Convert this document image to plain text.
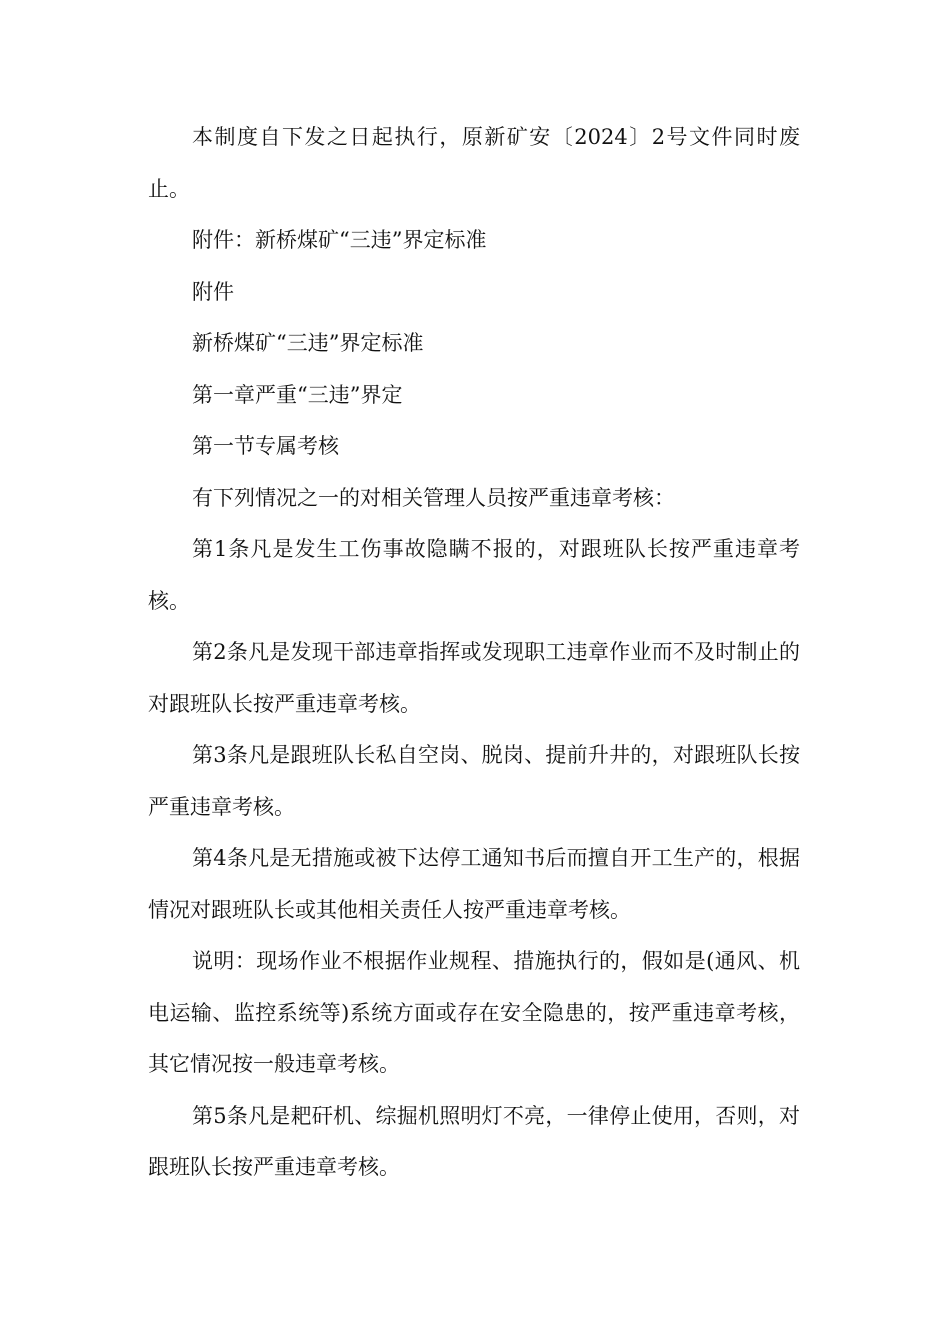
本制度自下发之日起执行，原新矿安〔2024〕2号文件同时废止。

附件：新桥煤矿“三违”界定标准

附件

新桥煤矿“三违”界定标准

第一章严重“三违”界定

第一节专属考核

有下列情况之一的对相关管理人员按严重违章考核：

第1条凡是发生工伤事故隐瞒不报的，对跟班队长按严重违章考核。

第2条凡是发现干部违章指挥或发现职工违章作业而不及时制止的对跟班队长按严重违章考核。

第3条凡是跟班队长私自空岗、脱岗、提前升井的，对跟班队长按严重违章考核。

第4条凡是无措施或被下达停工通知书后而擅自开工生产的，根据情况对跟班队长或其他相关责任人按严重违章考核。

说明：现场作业不根据作业规程、措施执行的，假如是(通风、机电运输、监控系统等)系统方面或存在安全隐患的，按严重违章考核，其它情况按一般违章考核。

第5条凡是耙矸机、综掘机照明灯不亮，一律停止使用，否则，对跟班队长按严重违章考核。
